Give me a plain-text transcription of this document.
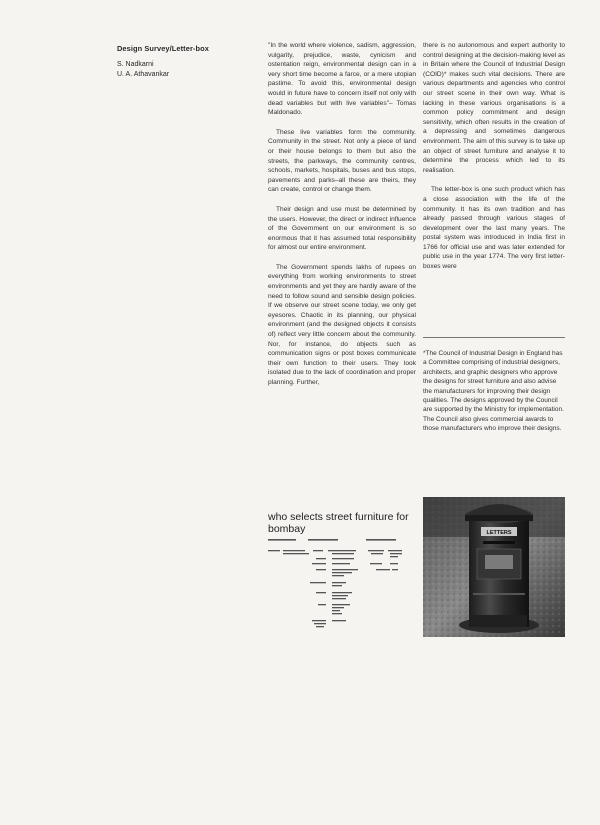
Design Survey/Letter-box
S. Nadkarni
U. A. Athavankar

"In the world where violence, sadism, aggression, vulgarity, prejudice, waste, cynicism and ostentation reign, environmental design can in a very short time become a farce, or a mere utopian pastime. To avoid this, environmental design would in future have to concern itself not only with dead variables but with live variables"– Tomas Maldonado.

These live variables form the community. Community in the street. Not only a piece of land or their house belongs to them but also the streets, the parkways, the community centres, schools, markets, hospitals, buses and bus stops, pavements and parks–all these are theirs, they can create, control or change them.

Their design and use must be determined by the users. However, the direct or indirect influence of the Government on our environment is so enormous that it has assumed total responsibility for almost our entire environment.

The Government spends lakhs of rupees on everything from working environments to street environments and yet they are hardly aware of the need to follow sound and sensible design policies. If we observe our street scene today, we only get eyesores. Chaotic in its planning, our physical environment (and the designed objects it consists of) reflect very little concern about the community. Nor, for instance, do objects such as communication signs or post boxes communicate their own function to their users. They look isolated due to the lack of coordination and proper planning. Further,

there is no autonomous and expert authority to control designing at the decision-making level as in Britain where the Council of Industrial Design (COID)* makes such vital decisions. There are various departments and agencies who control our street scene in their own way. What is lacking in these various organisations is a common policy commitment and design sensitivity, which often results in the creation of a depressing and sometimes dangerous environment. The aim of this survey is to take up an object of street furniture and analyse it to determine the process which led to its realisation.

The letter-box is one such product which has a close association with the life of the community. It has its own tradition and has already passed through various stages of development over the last many years. The postal system was introduced in India first in 1766 for official use and was later extended for public use in the year 1774. The very first letter-boxes were

*The Council of Industrial Design in England has a Committee comprising of industrial designers, architects, and graphic designers who approve the designs for street furniture and also advise the manufacturers for improving their design qualities. The designs approved by the Council are supported by the Ministry for implementation. The Council also gives commercial awards to those manufacturers who improve their designs.
who selects street furniture for bombay	LETTERS
